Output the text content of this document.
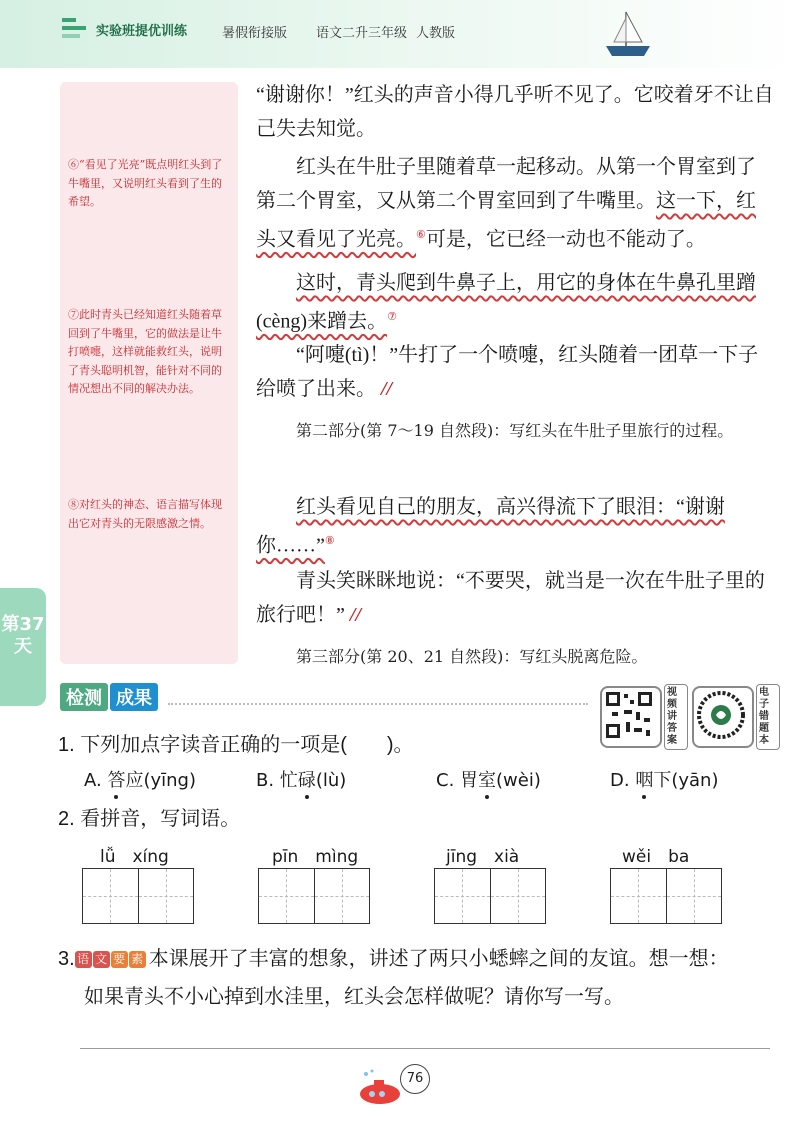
实验班提优训练	暑假衔接版 语文二升三年级 人教版
⑥“看见了光亮”既点明红头到了牛嘴里，又说明红头看到了生的希望。
⑦此时青头已经知道红头随着草回到了牛嘴里，它的做法是让牛打喷嚏，这样就能救红头，说明了青头聪明机智，能针对不同的情况想出不同的解决办法。
⑧对红头的神态、语言描写体现出它对青头的无限感激之情。
“谢谢你！”红头的声音小得几乎听不见了。它咬着牙不让自己失去知觉。
红头在牛肚子里随着草一起移动。从第一个胃室到了第二个胃室，又从第二个胃室回到了牛嘴里。这一下，红头又看见了光亮。⑥可是，它已经一动也不能动了。
这时，青头爬到牛鼻子上，用它的身体在牛鼻孔里蹭(cèng)来蹭去。⑦
“阿嚏(tì)！”牛打了一个喷嚏，红头随着一团草一下子给喷了出来。 //
第二部分(第 7～19 自然段)：写红头在牛肚子里旅行的过程。
红头看见自己的朋友，高兴得流下了眼泪：“谢谢你……”⑧
青头笑眯眯地说：“不要哭，就当是一次在牛肚子里的旅行吧！” //
第三部分(第 20、21 自然段)：写红头脱离危险。
第37天
检测 成果	视频讲答案
电子错题本
1. 下列加点字读音正确的一项是(　　)。
A. 答应(yīng)	B. 忙碌(lù)	C. 胃室(wèi)	D. 咽下(yān)
2. 看拼音，写词语。
lǚ　xíng	pīn　mìng	jīng　xià	wěi　ba
3. 语 文 要 素 本课展开了丰富的想象，讲述了两只小蟋蟀之间的友谊。想一想：
如果青头不小心掉到水洼里，红头会怎样做呢？请你写一写。
76
